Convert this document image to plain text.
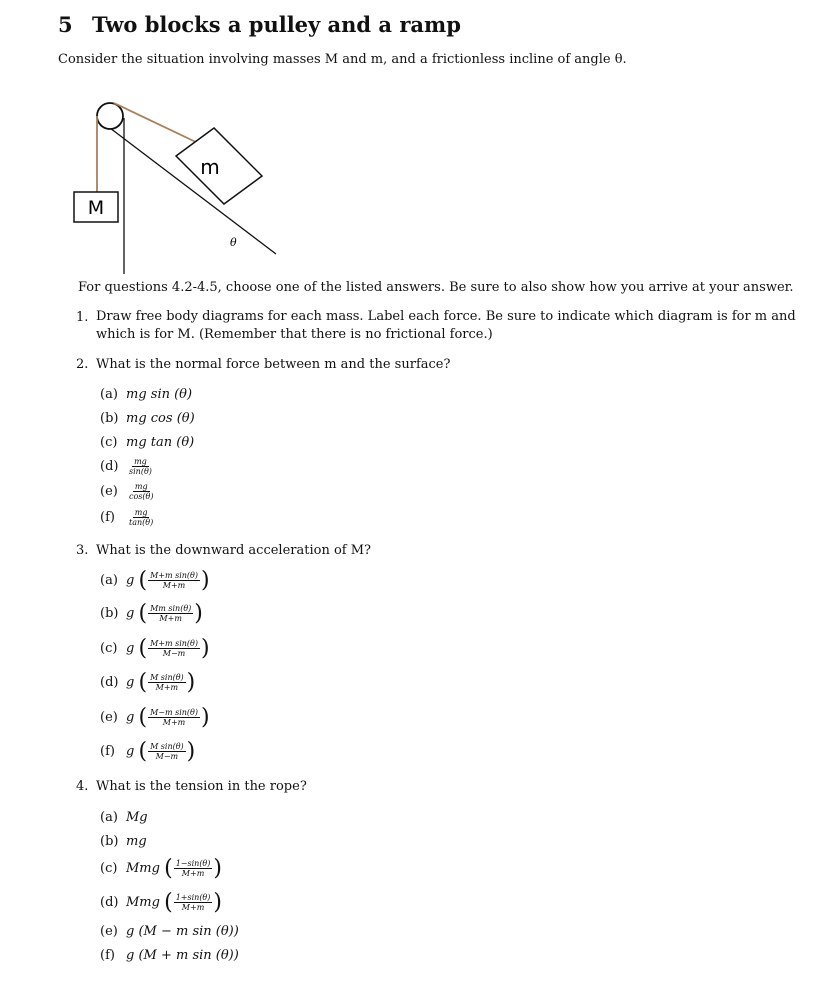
5 Two blocks a pulley and a ramp
Consider the situation involving masses M and m, and a frictionless incline of angle θ.
m
M
θ
For questions 4.2-4.5, choose one of the listed answers. Be sure to also show how you arrive at your answer.
1. Draw free body diagrams for each mass. Label each force. Be sure to indicate which diagram is for m and which is for M. (Remember that there is no frictional force.)
2. What is the normal force between m and the surface?
(a) mg sin (θ)
(b) mg cos (θ)
(c) mg tan (θ)
$(d) \frac{mg}{\sin(\theta)}$
$(e) \frac{mg}{\cos(\theta)}$
$(f) \frac{mg}{\tan(\theta)}$
3. What is the downward acceleration of M?
(a) g ( $\frac{\text{M+m sin(θ)}}{M+m}$ )
(b) g ( $\frac{\text{Mm sin(θ)}}{M+m}$ )
(c) g ( $\frac{\text{M+m sin(θ)}}{M-m}$ )
(d) g ( $\frac{\text{M sin(θ)}}{M+m}$ )
(e) g ( $\frac{\text{M−m sin(θ)}}{M+m}$ )
(f) g ( $\frac{\text{M sin(θ)}}{M-m}$ )
4. What is the tension in the rope?
(a) Mg
(b) mg
(c) Mmg ( $\frac{1-\sin(\theta)}{M+m}$ )
(d) Mmg ( $\frac{1+\sin(\theta)}{M+m}$ )
(e) g (M − m sin (θ))
(f) g (M + m sin (θ))
